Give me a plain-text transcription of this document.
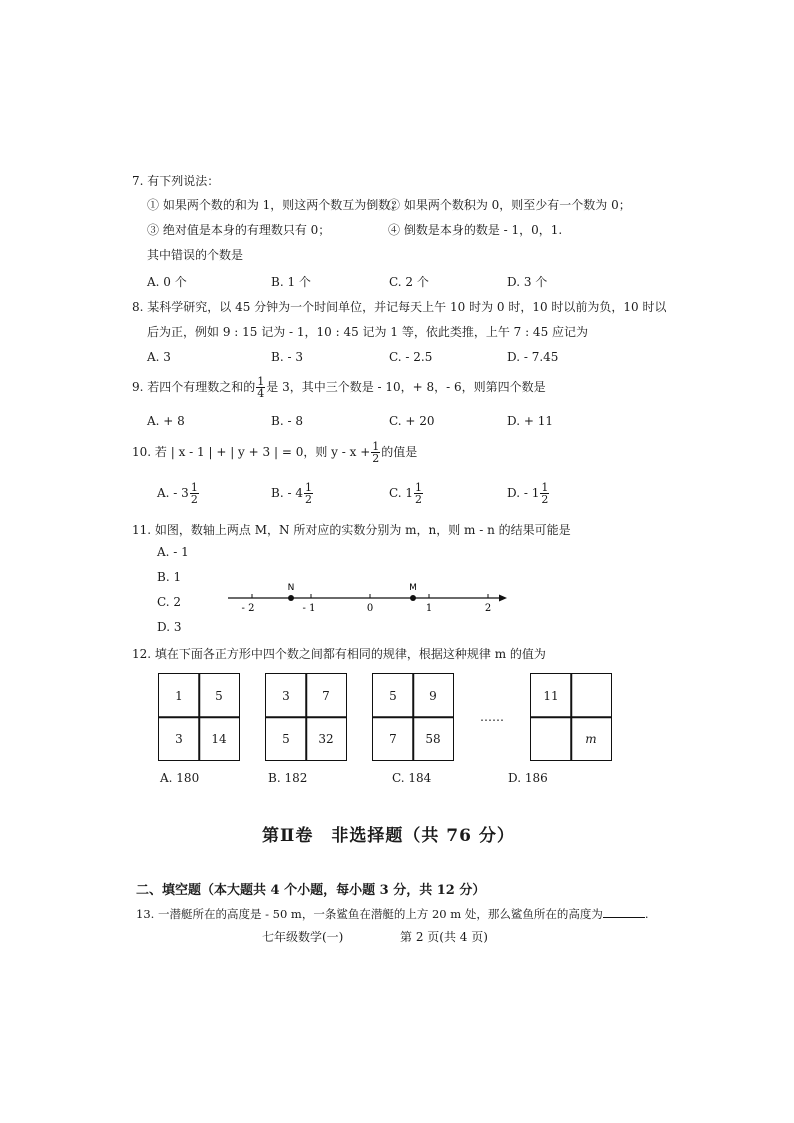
7. 有下列说法：
① 如果两个数的和为 1，则这两个数互为倒数；
② 如果两个数积为 0，则至少有一个数为 0；
③ 绝对值是本身的有理数只有 0；	④ 倒数是本身的数是 - 1，0，1.
其中错误的个数是
A. 0 个	B. 1 个	C. 2 个	D. 3 个
8. 某科学研究，以 45 分钟为一个时间单位，并记每天上午 10 时为 0 时，10 时以前为负，10 时以
后为正，例如 9 : 15 记为 - 1，10 : 45 记为 1 等，依此类推，上午 7 : 45 应记为
A. 3	B. - 3	C. - 2.5	D. - 7.45
9. 若四个有理数之和的 $\frac{1}{4}$ 是 3，其中三个数是 - 10，+ 8，- 6，则第四个数是
A. + 8	B. - 8	C. + 20	D. + 11
10. 若 | x - 1 | + | y + 3 | = 0，则 $y - x + \frac{1}{2}$ 的值是
A. - $3 \frac{1}{2}$	B. - $4 \frac{1}{2}$	C. $1 \frac{1}{2}$	D. - $1 \frac{1}{2}$
11. 如图，数轴上两点 M，N 所对应的实数分别为 m，n，则 m - n 的结果可能是
A. - 1
B. 1
C. 2
D. 3
N	M
- 2	- 1	0	1	2
12. 填在下面各正方形中四个数之间都有相同的规律，根据这种规律 m 的值为
1	5
3	14
3	7
5	32
5	9
7	58
……
11
m
A. 180	B. 182	C. 184	D. 186
第Ⅱ卷　非选择题（共 76 分）
二、填空题（本大题共 4 个小题，每小题 3 分，共 12 分）
13. 一潜艇所在的高度是 - 50 m，一条鲨鱼在潜艇的上方 20 m 处，那么鲨鱼所在的高度为	.
七年级数学(一)	第 2 页(共 4 页)
